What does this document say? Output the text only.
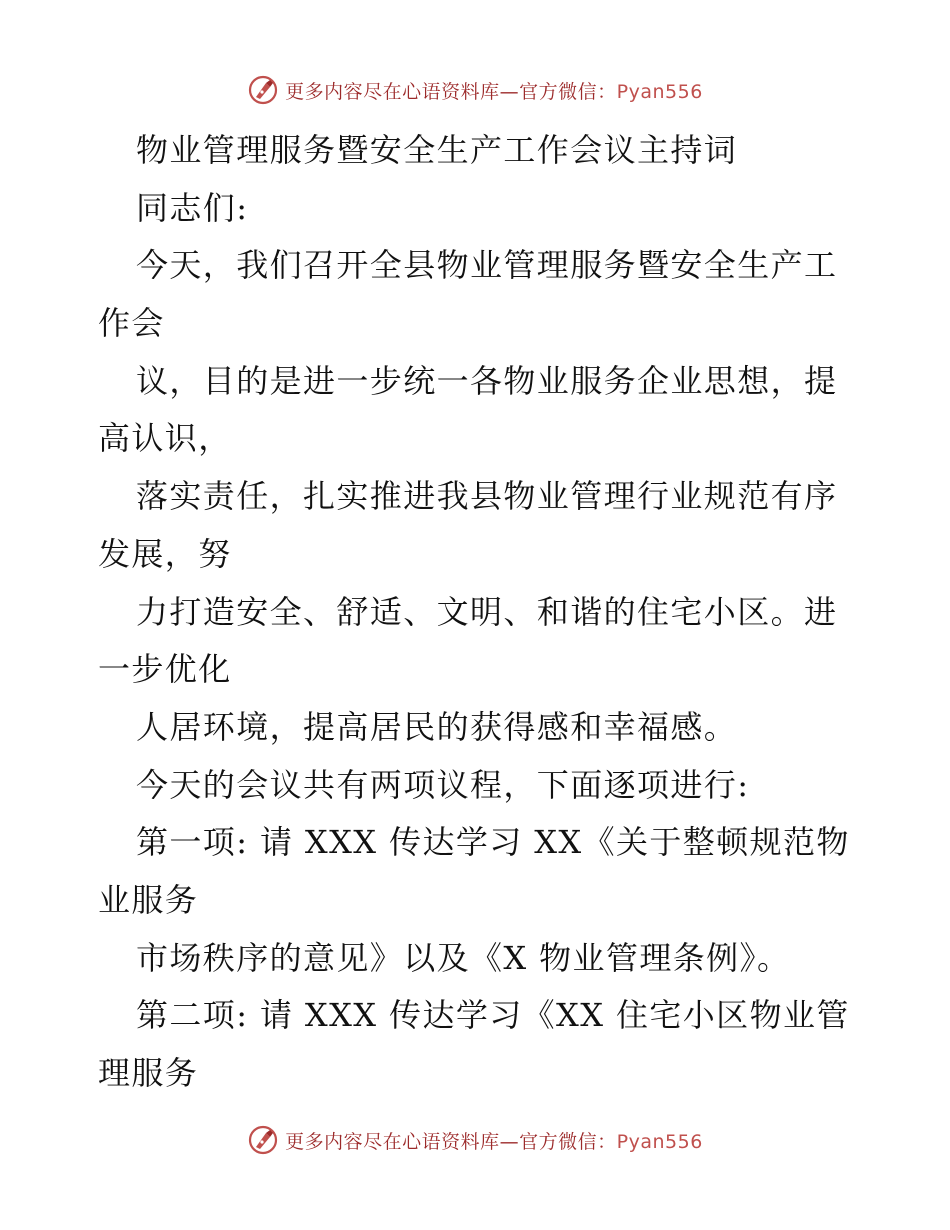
更多内容尽在心语资料库—官方微信：Pyan556
物业管理服务暨安全生产工作会议主持词
同志们:
今天，我们召开全县物业管理服务暨安全生产工
作会
议，目的是进一步统一各物业服务企业思想，提
高认识，
落实责任，扎实推进我县物业管理行业规范有序
发展，努
力打造安全、舒适、文明、和谐的住宅小区。进
一步优化
人居环境，提高居民的获得感和幸福感。
今天的会议共有两项议程，下面逐项进行:
第一项: 请 XXX 传达学习 XX《关于整顿规范物
业服务
市场秩序的意见》以及《X 物业管理条例》。
第二项: 请 XXX 传达学习《XX 住宅小区物业管
理服务
更多内容尽在心语资料库—官方微信：Pyan556
